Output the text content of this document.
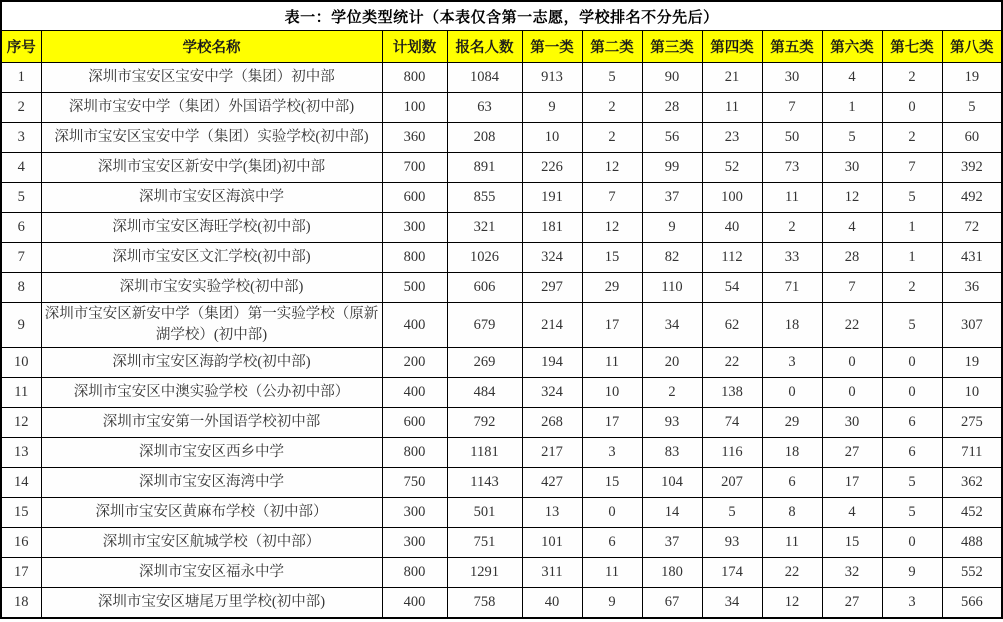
表一：学位类型统计（本表仅含第一志愿，学校排名不分先后）											
序号	学校名称	计划数	报名人数	第一类	第二类	第三类	第四类	第五类	第六类	第七类	第八类
1	深圳市宝安区宝安中学（集团）初中部	800	1084	913	5	90	21	30	4	2	19
2	深圳市宝安中学（集团）外国语学校(初中部)	100	63	9	2	28	11	7	1	0	5
3	深圳市宝安区宝安中学（集团）实验学校(初中部)	360	208	10	2	56	23	50	5	2	60
4	深圳市宝安区新安中学(集团)初中部	700	891	226	12	99	52	73	30	7	392
5	深圳市宝安区海滨中学	600	855	191	7	37	100	11	12	5	492
6	深圳市宝安区海旺学校(初中部)	300	321	181	12	9	40	2	4	1	72
7	深圳市宝安区文汇学校(初中部)	800	1026	324	15	82	112	33	28	1	431
8	深圳市宝安实验学校(初中部)	500	606	297	29	110	54	71	7	2	36
9	深圳市宝安区新安中学（集团）第一实验学校（原新湖学校）(初中部)	400	679	214	17	34	62	18	22	5	307
10	深圳市宝安区海韵学校(初中部)	200	269	194	11	20	22	3	0	0	19
11	深圳市宝安区中澳实验学校（公办初中部）	400	484	324	10	2	138	0	0	0	10
12	深圳市宝安第一外国语学校初中部	600	792	268	17	93	74	29	30	6	275
13	深圳市宝安区西乡中学	800	1181	217	3	83	116	18	27	6	711
14	深圳市宝安区海湾中学	750	1143	427	15	104	207	6	17	5	362
15	深圳市宝安区黄麻布学校（初中部）	300	501	13	0	14	5	8	4	5	452
16	深圳市宝安区航城学校（初中部）	300	751	101	6	37	93	11	15	0	488
17	深圳市宝安区福永中学	800	1291	311	11	180	174	22	32	9	552
18	深圳市宝安区塘尾万里学校(初中部)	400	758	40	9	67	34	12	27	3	566
